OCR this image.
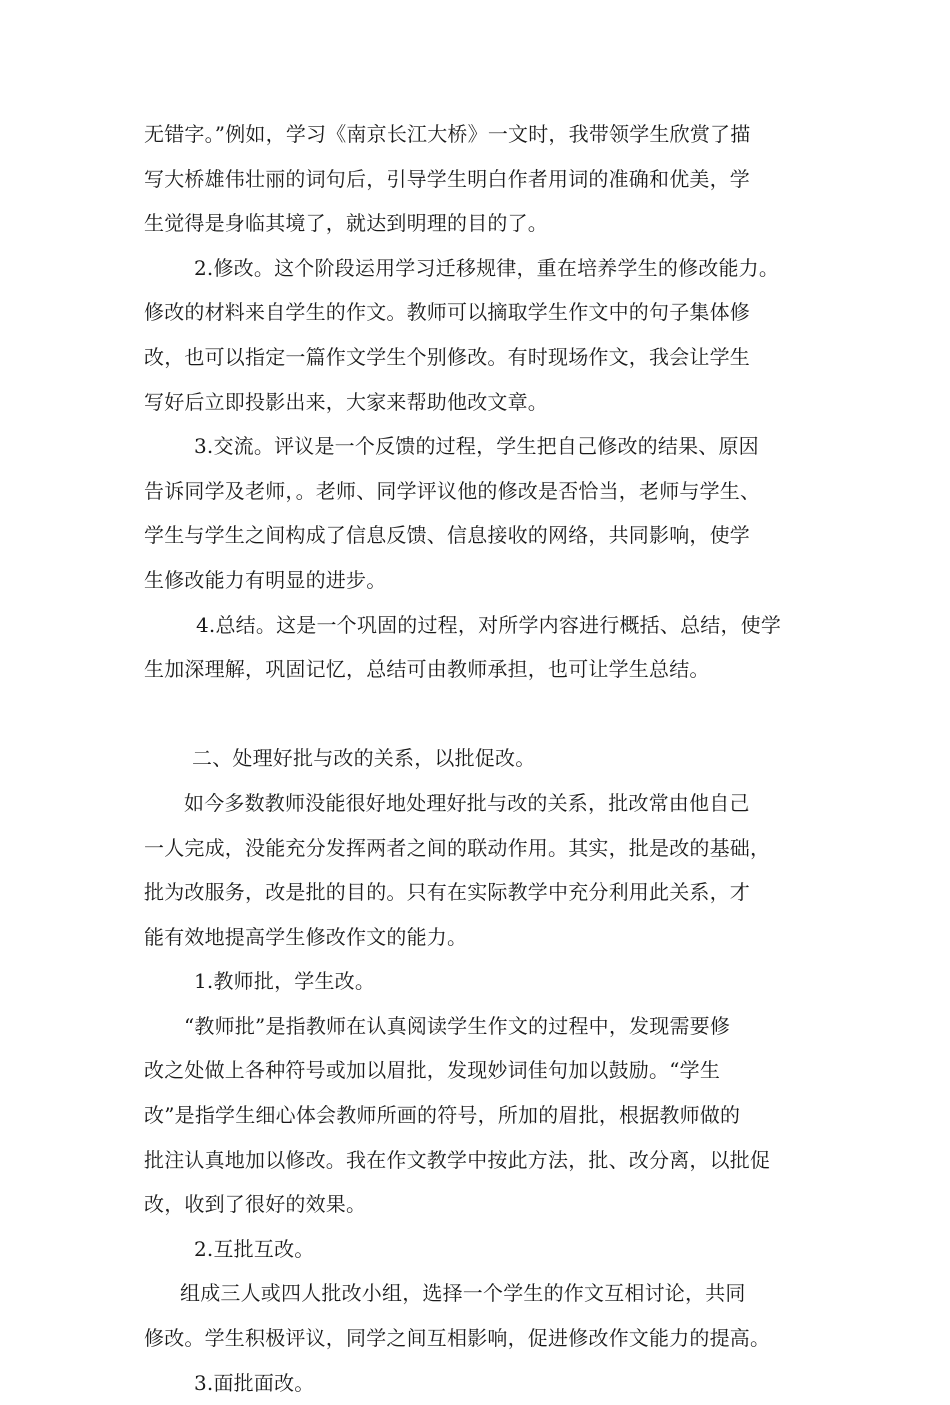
无错字。”例如，学习《南京长江大桥》一文时，我带领学生欣赏了描
写大桥雄伟壮丽的词句后，引导学生明白作者用词的准确和优美，学
生觉得是身临其境了，就达到明理的目的了。
2.修改。这个阶段运用学习迁移规律，重在培养学生的修改能力。
修改的材料来自学生的作文。教师可以摘取学生作文中的句子集体修
改，也可以指定一篇作文学生个别修改。有时现场作文，我会让学生
写好后立即投影出来，大家来帮助他改文章。
3.交流。评议是一个反馈的过程，学生把自己修改的结果、原因
告诉同学及老师，。老师、同学评议他的修改是否恰当，老师与学生、
学生与学生之间构成了信息反馈、信息接收的网络，共同影响，使学
生修改能力有明显的进步。
4.总结。这是一个巩固的过程，对所学内容进行概括、总结，使学
生加深理解，巩固记忆，总结可由教师承担，也可让学生总结。
二、处理好批与改的关系，以批促改。
如今多数教师没能很好地处理好批与改的关系，批改常由他自己
一人完成，没能充分发挥两者之间的联动作用。其实，批是改的基础，
批为改服务，改是批的目的。只有在实际教学中充分利用此关系，才
能有效地提高学生修改作文的能力。
1.教师批，学生改。
“教师批”是指教师在认真阅读学生作文的过程中，发现需要修
改之处做上各种符号或加以眉批，发现妙词佳句加以鼓励。“学生
改”是指学生细心体会教师所画的符号，所加的眉批，根据教师做的
批注认真地加以修改。我在作文教学中按此方法，批、改分离，以批促
改，收到了很好的效果。
2.互批互改。
组成三人或四人批改小组，选择一个学生的作文互相讨论，共同
修改。学生积极评议，同学之间互相影响，促进修改作文能力的提高。
3.面批面改。
